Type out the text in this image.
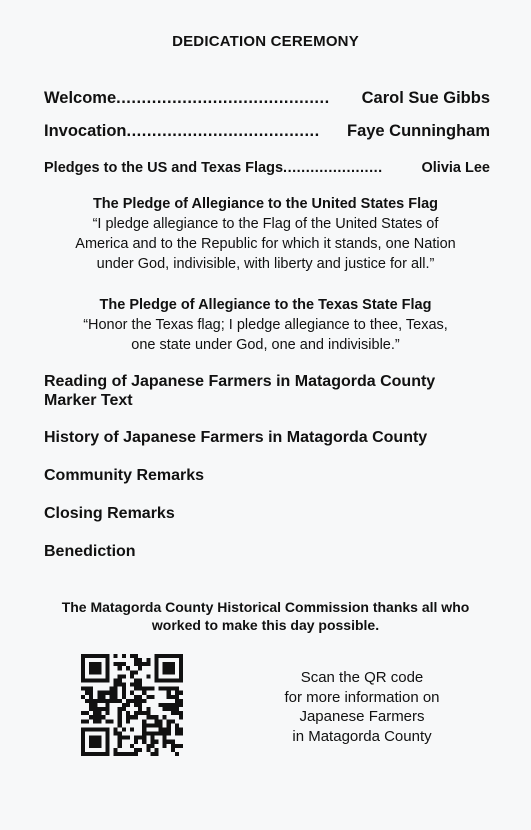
DEDICATION CEREMONY
Welcome ..........................................	Carol Sue Gibbs
Invocation ......................................	Faye Cunningham
Pledges to the US and Texas Flags ......................	Olivia Lee
The Pledge of Allegiance to the United States Flag
“I pledge allegiance to the Flag of the United States of
America and to the Republic for which it stands, one Nation
under God, indivisible, with liberty and justice for all.”
The Pledge of Allegiance to the Texas State Flag
“Honor the Texas flag; I pledge allegiance to thee, Texas,
one state under God, one and indivisible.”
Reading of Japanese Farmers in Matagorda County
Marker Text
History of Japanese Farmers in Matagorda County
Community Remarks
Closing Remarks
Benediction
The Matagorda County Historical Commission thanks all who
worked to make this day possible.
Scan the QR code
for more information on
Japanese Farmers
in Matagorda County
